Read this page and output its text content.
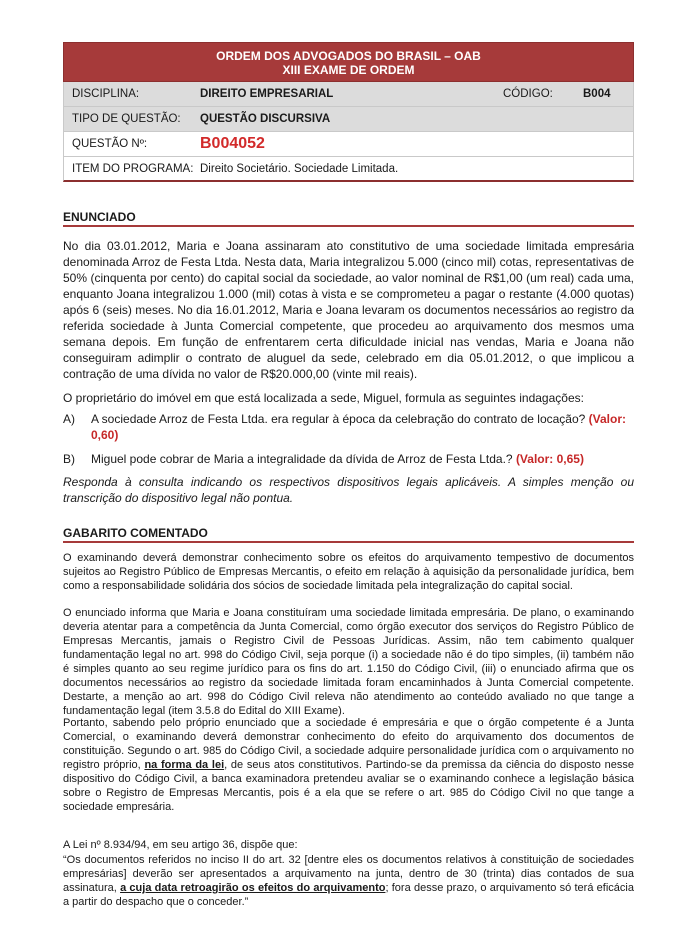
ORDEM DOS ADVOGADOS DO BRASIL – OAB
XIII EXAME DE ORDEM
DISCIPLINA:	DIREITO EMPRESARIAL	CÓDIGO:	B004
TIPO DE QUESTÃO:	QUESTÃO DISCURSIVA
QUESTÃO Nº:	B004052
ITEM DO PROGRAMA: Direito Societário. Sociedade Limitada.
ENUNCIADO

No dia 03.01.2012, Maria e Joana assinaram ato constitutivo de uma sociedade limitada empresária denominada Arroz de Festa Ltda. Nesta data, Maria integralizou 5.000 (cinco mil) cotas, representativas de 50% (cinquenta por cento) do capital social da sociedade, ao valor nominal de R$1,00 (um real) cada uma, enquanto Joana integralizou 1.000 (mil) cotas à vista e se comprometeu a pagar o restante (4.000 quotas) após 6 (seis) meses. No dia 16.01.2012, Maria e Joana levaram os documentos necessários ao registro da referida sociedade à Junta Comercial competente, que procedeu ao arquivamento dos mesmos uma semana depois. Em função de enfrentarem certa dificuldade inicial nas vendas, Maria e Joana não conseguiram adimplir o contrato de aluguel da sede, celebrado em dia 05.01.2012, o que implicou a contração de uma dívida no valor de R$20.000,00 (vinte mil reais).

O proprietário do imóvel em que está localizada a sede, Miguel, formula as seguintes indagações:

A)	A sociedade Arroz de Festa Ltda. era regular à época da celebração do contrato de locação? (Valor: 0,60)
B)	Miguel pode cobrar de Maria a integralidade da dívida de Arroz de Festa Ltda.? (Valor: 0,65)

Responda à consulta indicando os respectivos dispositivos legais aplicáveis. A simples menção ou transcrição do dispositivo legal não pontua.

GABARITO COMENTADO

O examinando deverá demonstrar conhecimento sobre os efeitos do arquivamento tempestivo de documentos sujeitos ao Registro Público de Empresas Mercantis, o efeito em relação à aquisição da personalidade jurídica, bem como a responsabilidade solidária dos sócios de sociedade limitada pela integralização do capital social.

O enunciado informa que Maria e Joana constituíram uma sociedade limitada empresária. De plano, o examinando deveria atentar para a competência da Junta Comercial, como órgão executor dos serviços do Registro Público de Empresas Mercantis, jamais o Registro Civil de Pessoas Jurídicas. Assim, não tem cabimento qualquer fundamentação legal no art. 998 do Código Civil, seja porque (i) a sociedade não é do tipo simples, (ii) também não é simples quanto ao seu regime jurídico para os fins do art. 1.150 do Código Civil, (iii) o enunciado afirma que os documentos necessários ao registro da sociedade limitada foram encaminhados à Junta Comercial competente. Destarte, a menção ao art. 998 do Código Civil releva não atendimento ao conteúdo avaliado no que tange a fundamentação legal (item 3.5.8 do Edital do XIII Exame).

Portanto, sabendo pelo próprio enunciado que a sociedade é empresária e que o órgão competente é a Junta Comercial, o examinando deverá demonstrar conhecimento do efeito do arquivamento dos documentos de constituição. Segundo o art. 985 do Código Civil, a sociedade adquire personalidade jurídica com o arquivamento no registro próprio, na forma da lei, de seus atos constitutivos. Partindo-se da premissa da ciência do disposto nesse dispositivo do Código Civil, a banca examinadora pretendeu avaliar se o examinando conhece a legislação básica sobre o Registro de Empresas Mercantis, pois é a ela que se refere o art. 985 do Código Civil no que tange a sociedade empresária.

A Lei nº 8.934/94, em seu artigo 36, dispõe que:

“Os documentos referidos no inciso II do art. 32 [dentre eles os documentos relativos à constituição de sociedades empresárias] deverão ser apresentados a arquivamento na junta, dentro de 30 (trinta) dias contados de sua assinatura, a cuja data retroagirão os efeitos do arquivamento; fora desse prazo, o arquivamento só terá eficácia a partir do despacho que o conceder.”
